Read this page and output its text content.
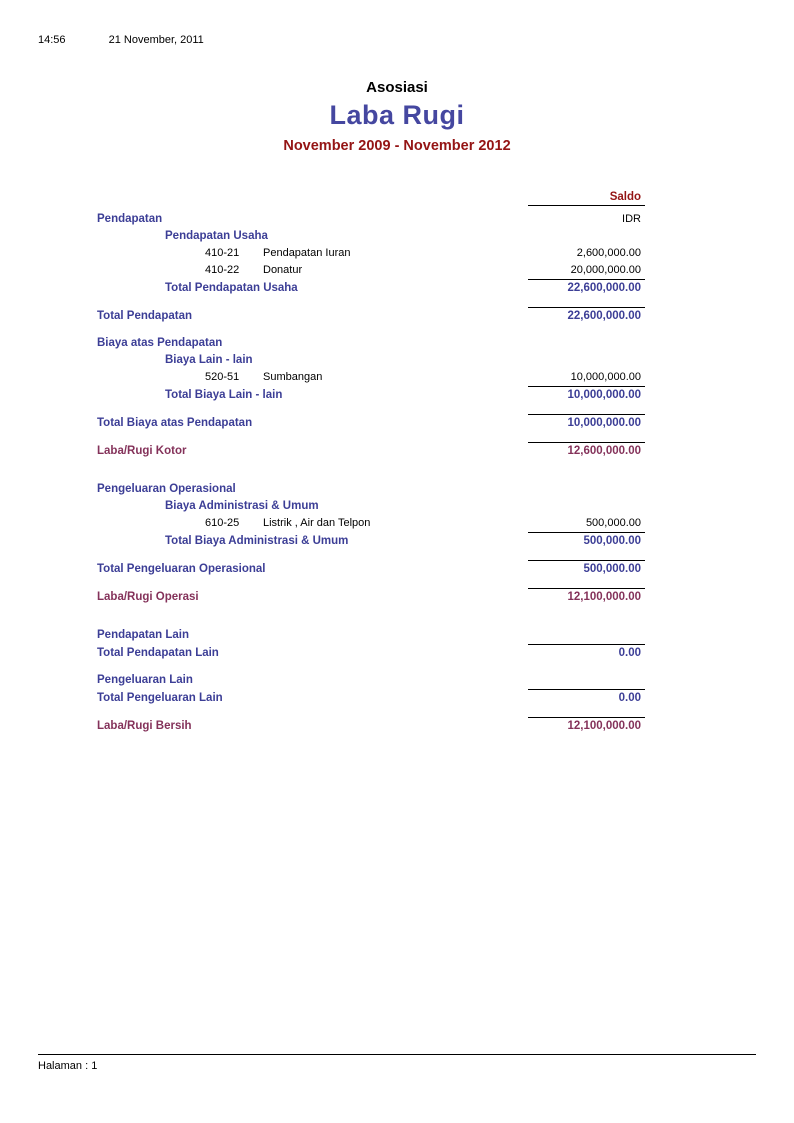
14:56	21 November, 2011
Asosiasi
Laba Rugi
November 2009 - November 2012
Saldo
Pendapatan	IDR
Pendapatan Usaha
410-21	Pendapatan Iuran	2,600,000.00
410-22	Donatur	20,000,000.00
Total Pendapatan Usaha	22,600,000.00
Total Pendapatan	22,600,000.00
Biaya atas Pendapatan
Biaya Lain - lain
520-51	Sumbangan	10,000,000.00
Total Biaya Lain - lain	10,000,000.00
Total Biaya atas Pendapatan	10,000,000.00
Laba/Rugi Kotor	12,600,000.00
Pengeluaran Operasional
Biaya Administrasi & Umum
610-25	Listrik , Air dan Telpon	500,000.00
Total Biaya Administrasi & Umum	500,000.00
Total Pengeluaran Operasional	500,000.00
Laba/Rugi Operasi	12,100,000.00
Pendapatan Lain
Total Pendapatan Lain	0.00
Pengeluaran Lain
Total Pengeluaran Lain	0.00
Laba/Rugi Bersih	12,100,000.00
Halaman : 1
